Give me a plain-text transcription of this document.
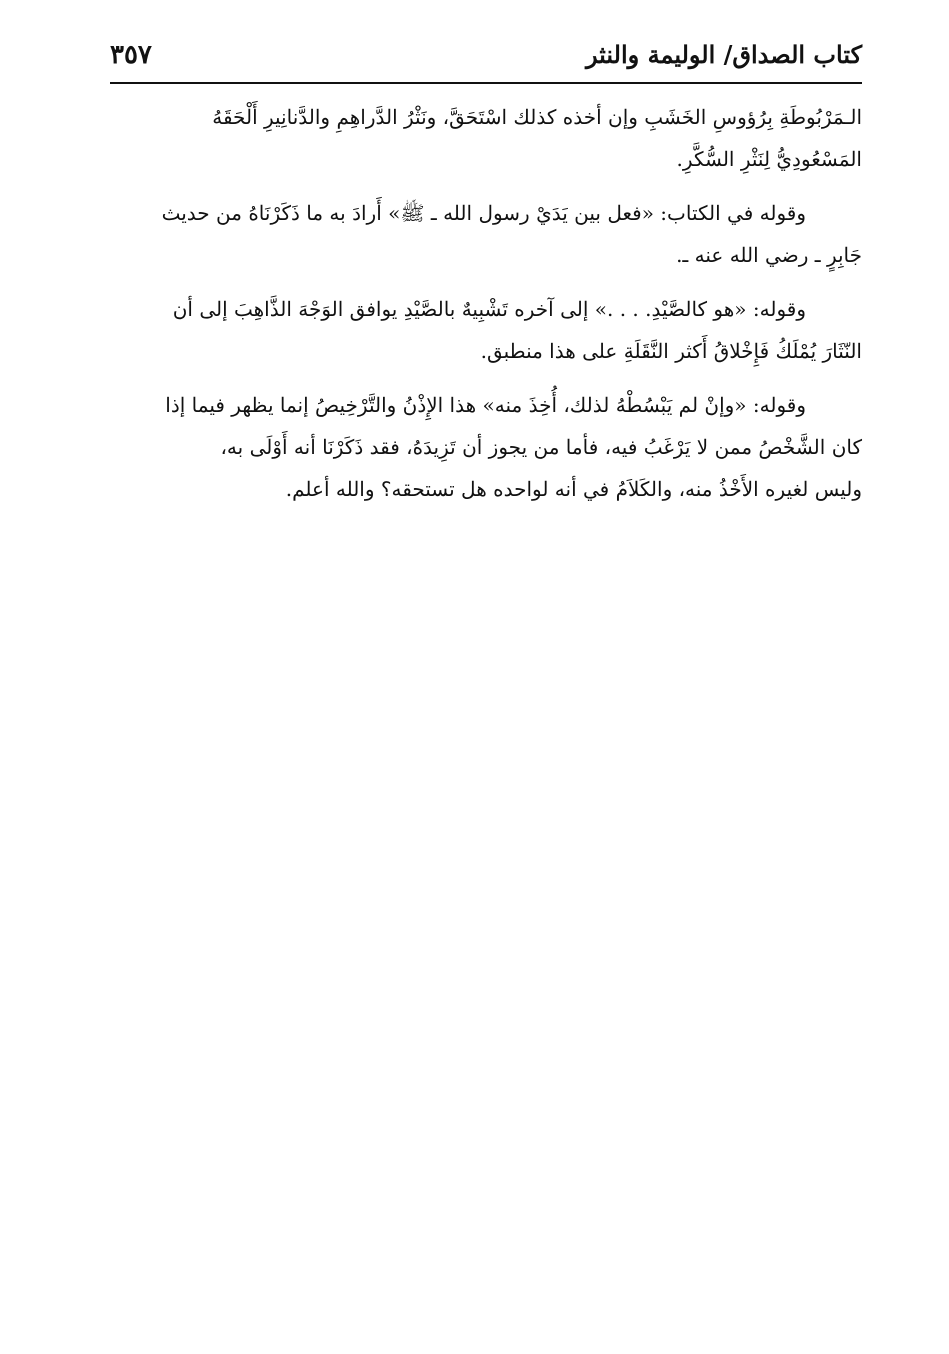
كتاب الصداق/ الوليمة والنثر
٣٥٧

الـمَرْبُوطَةِ بِرُؤوسِ الخَشَبِ وإن أخذه كذلك اسْتَحَقَّ، ونَثْرُ الدَّراهِمِ والدَّنانِيرِ أَلْحَقَهُ
المَسْعُودِيُّ لِنَثْرِ السُّكَّرِ.

وقوله في الكتاب: «فعل بين يَدَيْ رسول الله ـ ﷺ» أَرادَ به ما ذَكَرْنَاهُ من حديث
جَابِرٍ ـ رضي الله عنه ـ.

وقوله: «هو كالصَّيْدِ. . . .» إلى آخره تَشْبِيهٌ بالصَّيْدِ يوافق الوَجْهَ الذَّاهِبَ إلى أن
النّثَارَ يُمْلَكُ فَإِخْلاقُ أَكثر النَّقَلَةِ على هذا منطبق.

وقوله: «وإنْ لم يَبْسُطْهُ لذلك، أُخِذَ منه» هذا الإِذْنُ والتَّرْخِيصُ إنما يظهر فيما إذا
كان الشَّخْصُ ممن لا يَرْغَبُ فيه، فأما من يجوز أن تَزِيدَهُ، فقد ذَكَرْنَا أنه أَوْلَى به،
وليس لغيره الأَخْذُ منه، والكَلاَمُ في أنه لواحده هل تستحقه؟ والله أعلم.
